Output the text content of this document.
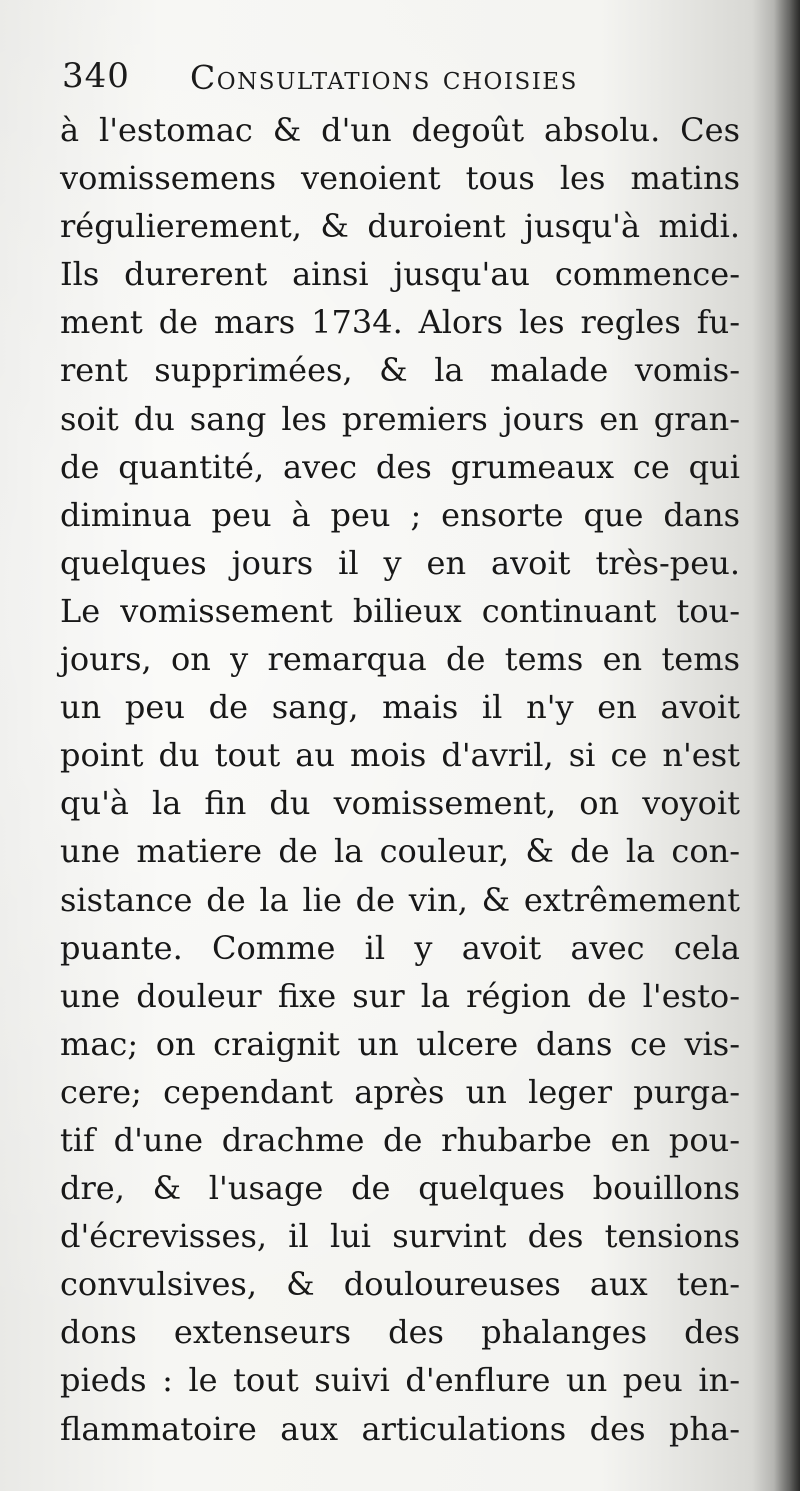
340 Consultations choisies
à l'estomac & d'un degoût absolu. Ces
vomissemens venoient tous les matins
régulierement, & duroient jusqu'à midi.
Ils durerent ainsi jusqu'au commence-
ment de mars 1734. Alors les regles fu-
rent supprimées, & la malade vomis-
soit du sang les premiers jours en gran-
de quantité, avec des grumeaux ce qui
diminua peu à peu ; ensorte que dans
quelques jours il y en avoit très-peu.
Le vomissement bilieux continuant tou-
jours, on y remarqua de tems en tems
un peu de sang, mais il n'y en avoit
point du tout au mois d'avril, si ce n'est
qu'à la fin du vomissement, on voyoit
une matiere de la couleur, & de la con-
sistance de la lie de vin, & extrêmement
puante. Comme il y avoit avec cela
une douleur fixe sur la région de l'esto-
mac; on craignit un ulcere dans ce vis-
cere; cependant après un leger purga-
tif d'une drachme de rhubarbe en pou-
dre, & l'usage de quelques bouillons
d'écrevisses, il lui survint des tensions
convulsives, & douloureuses aux ten-
dons extenseurs des phalanges des
pieds : le tout suivi d'enflure un peu in-
flammatoire aux articulations des pha-
